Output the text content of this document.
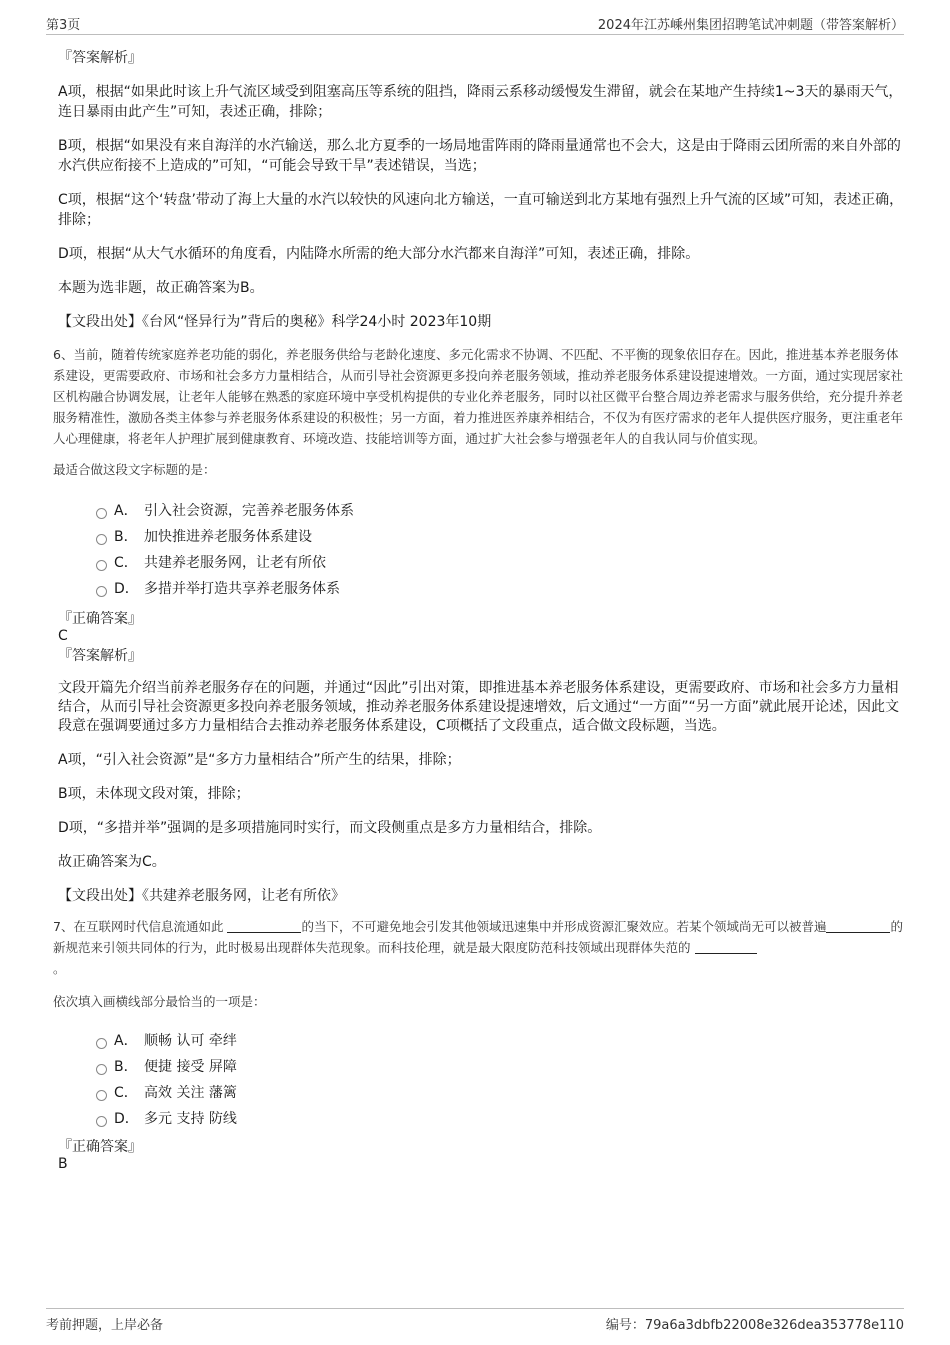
第3页	2024年江苏嵊州集团招聘笔试冲刺题（带答案解析）

『答案解析』

A项，根据“如果此时该上升气流区域受到阻塞高压等系统的阻挡，降雨云系移动缓慢发生滞留，就会在某地产生持续1~3天的暴雨天气，连日暴雨由此产生”可知，表述正确，排除；

B项，根据“如果没有来自海洋的水汽输送，那么北方夏季的一场局地雷阵雨的降雨量通常也不会大，这是由于降雨云团所需的来自外部的水汽供应衔接不上造成的”可知，“可能会导致干旱”表述错误，当选；

C项，根据“这个‘转盘’带动了海上大量的水汽以较快的风速向北方输送，一直可输送到北方某地有强烈上升气流的区域”可知，表述正确，排除；

D项，根据“从大气水循环的角度看，内陆降水所需的绝大部分水汽都来自海洋”可知，表述正确，排除。

本题为选非题，故正确答案为B。

【文段出处】《台风“怪异行为”背后的奥秘》科学24小时 2023年10期

6、当前，随着传统家庭养老功能的弱化，养老服务供给与老龄化速度、多元化需求不协调、不匹配、不平衡的现象依旧存在。因此，推进基本养老服务体系建设，更需要政府、市场和社会多方力量相结合，从而引导社会资源更多投向养老服务领域，推动养老服务体系建设提速增效。一方面，通过实现居家社区机构融合协调发展，让老年人能够在熟悉的家庭环境中享受机构提供的专业化养老服务，同时以社区微平台整合周边养老需求与服务供给，充分提升养老服务精准性，激励各类主体参与养老服务体系建设的积极性；另一方面，着力推进医养康养相结合，不仅为有医疗需求的老年人提供医疗服务，更注重老年人心理健康，将老年人护理扩展到健康教育、环境改造、技能培训等方面，通过扩大社会参与增强老年人的自我认同与价值实现。

最适合做这段文字标题的是：

A． 引入社会资源，完善养老服务体系
B． 加快推进养老服务体系建设
C． 共建养老服务网，让老有所依
D． 多措并举打造共享养老服务体系

『正确答案』

C

『答案解析』

文段开篇先介绍当前养老服务存在的问题，并通过“因此”引出对策，即推进基本养老服务体系建设，更需要政府、市场和社会多方力量相结合，从而引导社会资源更多投向养老服务领域，推动养老服务体系建设提速增效，后文通过“一方面”“另一方面”就此展开论述，因此文段意在强调要通过多方力量相结合去推动养老服务体系建设，C项概括了文段重点，适合做文段标题，当选。

A项，“引入社会资源”是“多方力量相结合”所产生的结果，排除；

B项，未体现文段对策，排除；

D项，“多措并举”强调的是多项措施同时实行，而文段侧重点是多方力量相结合，排除。

故正确答案为C。

【文段出处】《共建养老服务网，让老有所依》

7、在互联网时代信息流通如此	的当下，不可避免地会引发其他领域迅速集中并形成资源汇聚效应。若某个领域尚无可以被普遍	的新规范来引领共同体的行为，此时极易出现群体失范现象。而科技伦理，就是最大限度防范科技领域出现群体失范的
。

依次填入画横线部分最恰当的一项是：

A． 顺畅 认可 牵绊
B． 便捷 接受 屏障
C． 高效 关注 藩篱
D． 多元 支持 防线

『正确答案』

B

考前押题，上岸必备	编号：79a6a3dbfb22008e326dea353778e110
